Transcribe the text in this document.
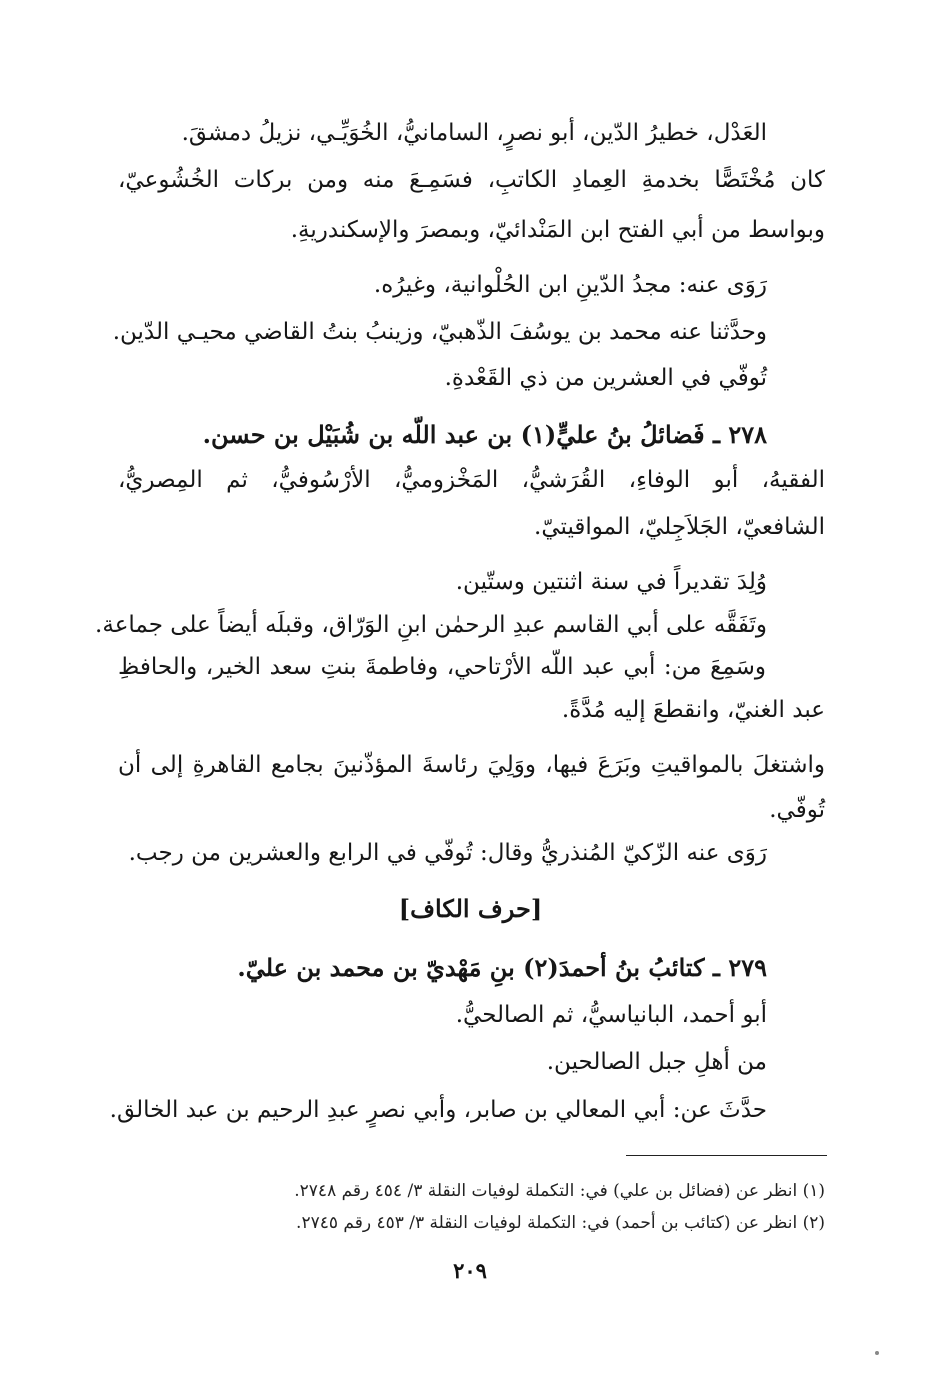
العَدْل، خطيرُ الدّين، أبو نصرٍ، السامانيُّ، الخُوَيِّـي، نزيلُ دمشقَ.
كان مُخْتَصًّا بخدمةِ العِمادِ الكاتبِ، فسَمِـعَ منه ومن بركات الخُشُوعيّ،
وبواسط من أبي الفتح ابن المَنْدائيّ، وبمصرَ والإسكندريةِ.
رَوَى عنه: مجدُ الدّينِ ابن الحُلْوانية، وغيرُه.
وحدَّثنا عنه محمد بن يوسُفَ الذّهبيّ، وزينبُ بنتُ القاضي محيـي الدّين.
تُوفّي في العشرين من ذي القَعْدةِ.
٢٧٨ ـ فَضائلُ بنُ عليٍّ(١) بن عبد اللّه بن شُبَيْل بن حسن.
الفقيهُ، أبو الوفاءِ، القُرَشيُّ، المَخْزوميُّ، الأرْسُوفيُّ، ثم المِصريُّ،
الشافعيّ، الجَلاَجِليّ، المواقيتيّ.
وُلِدَ تقديراً في سنة اثنتين وستّين.
وتَفَقَّه على أبي القاسم عبدِ الرحمٰن ابنِ الوَرّاق، وقبلَه أيضاً على جماعة.
وسَمِعَ من: أبي عبد اللّه الأرْتاحي، وفاطمةَ بنتِ سعد الخير، والحافظِ
عبد الغنيّ، وانقطعَ إليه مُدَّةً.
واشتغلَ بالمواقيتِ وبَرَعَ فيها، ووَلِيَ رئاسةَ المؤذّنينَ بجامع القاهرةِ إلى أن
تُوفّي.
رَوَى عنه الزّكيّ المُنذريُّ وقال: تُوفّي في الرابع والعشرين من رجب.
[حرف الكاف]
٢٧٩ ـ كتائبُ بنُ أحمدَ(٢) بنِ مَهْديّ بن محمد بن عليّ.
أبو أحمد، البانياسيُّ، ثم الصالحيُّ.
من أهلِ جبل الصالحين.
حدَّثَ عن: أبي المعالي بن صابر، وأبي نصرٍ عبدِ الرحيم بن عبد الخالق.
(١) انظر عن (فضائل بن علي) في: التكملة لوفيات النقلة ٣/ ٤٥٤ رقم ٢٧٤٨.
(٢) انظر عن (كتائب بن أحمد) في: التكملة لوفيات النقلة ٣/ ٤٥٣ رقم ٢٧٤٥.
٢٠٩
